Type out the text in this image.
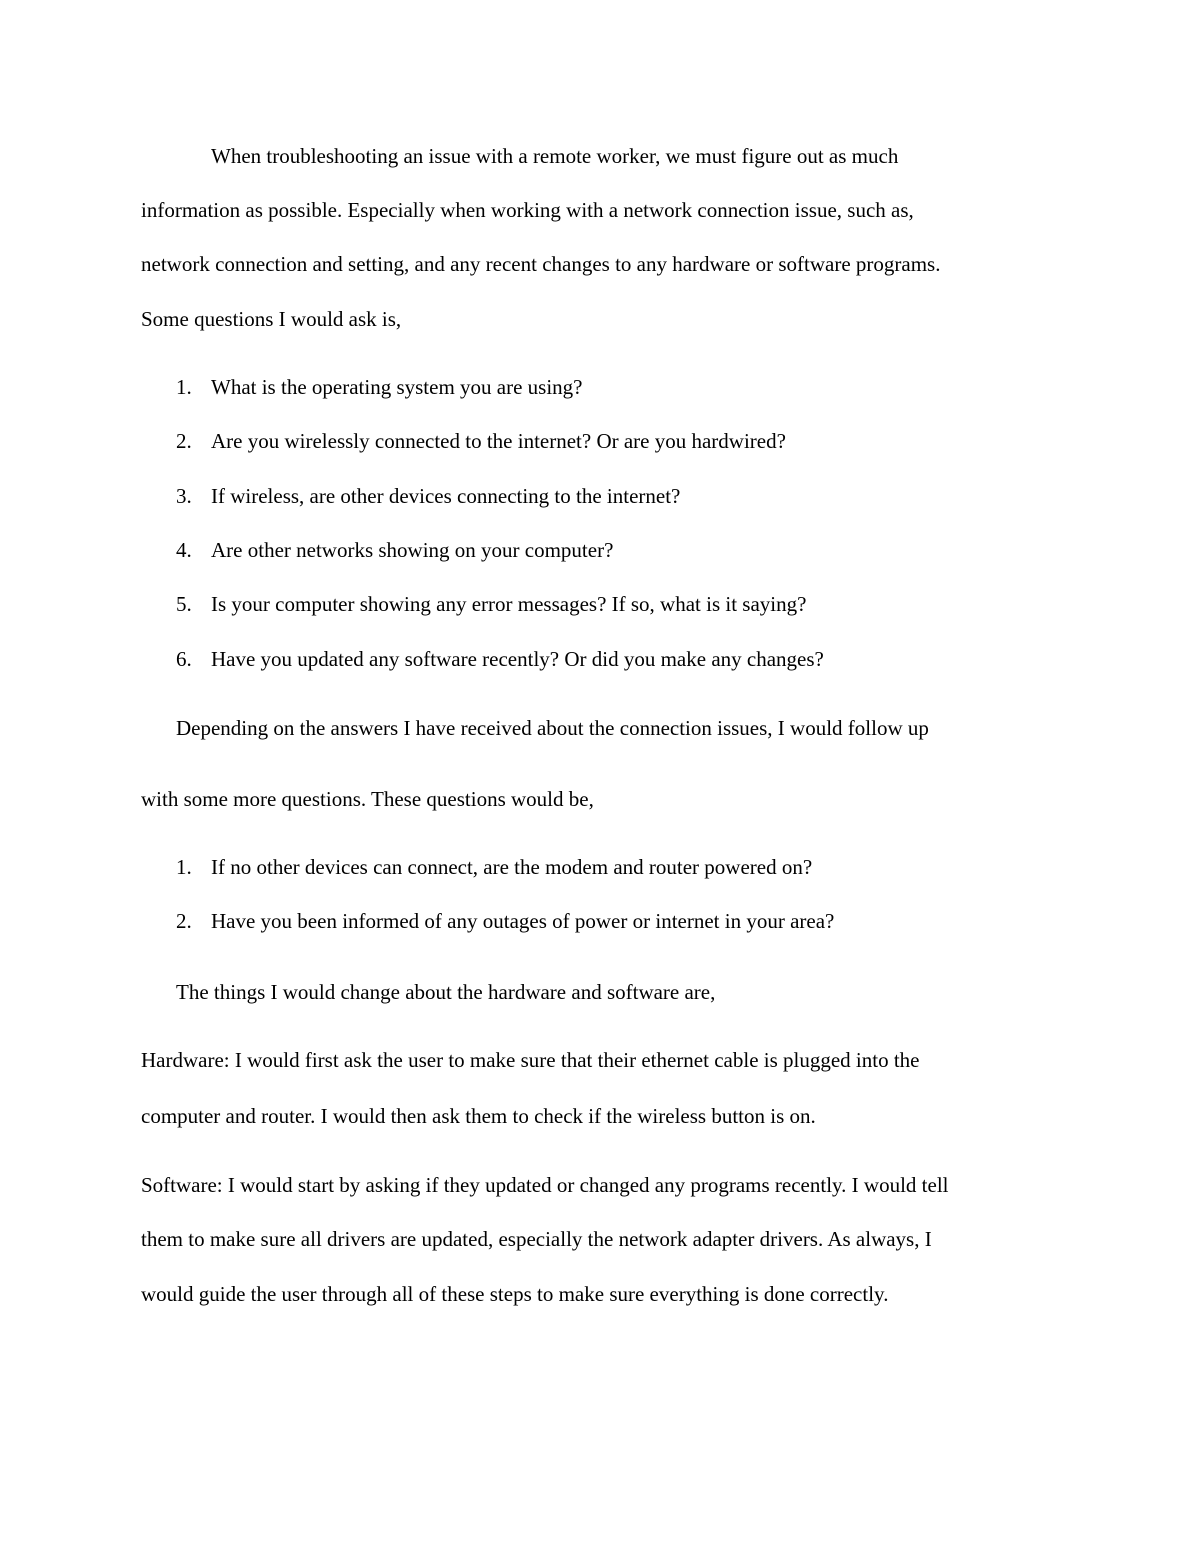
When troubleshooting an issue with a remote worker, we must figure out as much
information as possible. Especially when working with a network connection issue, such as,
network connection and setting, and any recent changes to any hardware or software programs.
Some questions I would ask is,
1. What is the operating system you are using?
2. Are you wirelessly connected to the internet? Or are you hardwired?
3. If wireless, are other devices connecting to the internet?
4. Are other networks showing on your computer?
5. Is your computer showing any error messages? If so, what is it saying?
6. Have you updated any software recently? Or did you make any changes?
Depending on the answers I have received about the connection issues, I would follow up
with some more questions. These questions would be,
1. If no other devices can connect, are the modem and router powered on?
2. Have you been informed of any outages of power or internet in your area?
The things I would change about the hardware and software are,
Hardware: I would first ask the user to make sure that their ethernet cable is plugged into the
computer and router. I would then ask them to check if the wireless button is on.
Software: I would start by asking if they updated or changed any programs recently. I would tell
them to make sure all drivers are updated, especially the network adapter drivers. As always, I
would guide the user through all of these steps to make sure everything is done correctly.
